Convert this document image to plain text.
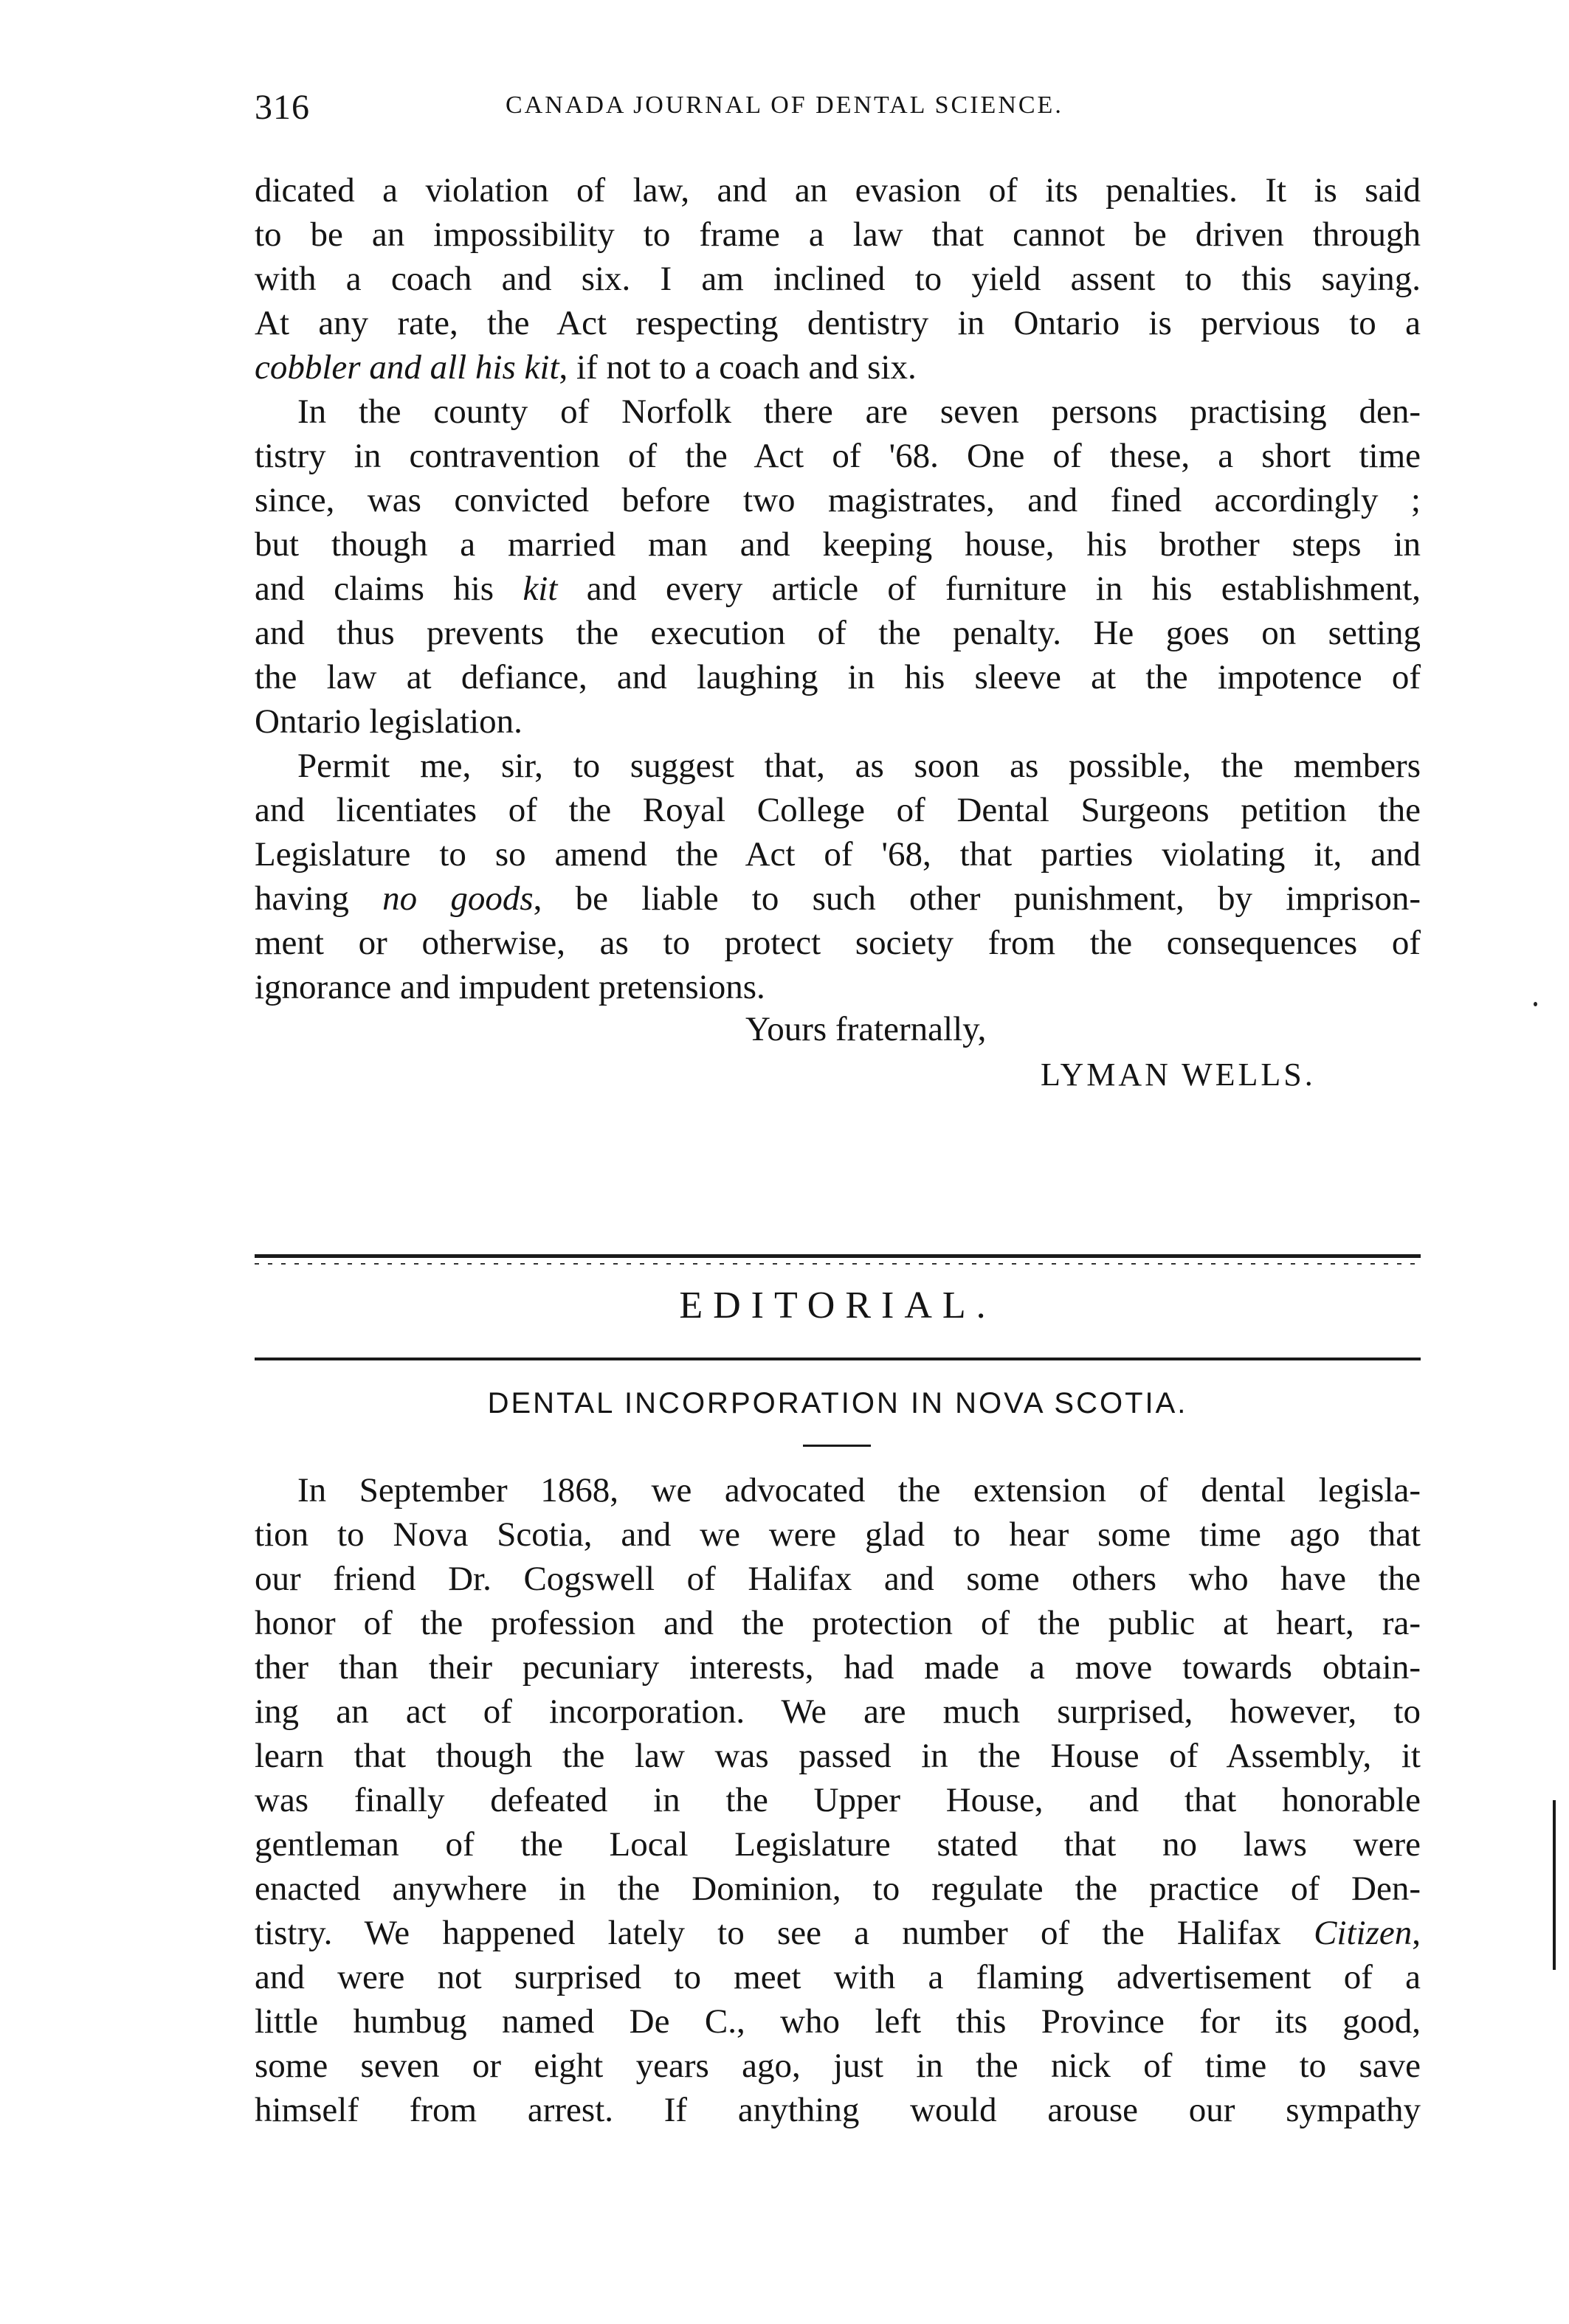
316	CANADA JOURNAL OF DENTAL SCIENCE.
dicated a violation of law, and an evasion of its penalties. It is said
to be an impossibility to frame a law that cannot be driven through
with a coach and six. I am inclined to yield assent to this saying.
At any rate, the Act respecting dentistry in Ontario is pervious to a
cobbler and all his kit, if not to a coach and six.
In the county of Norfolk there are seven persons practising den-
tistry in contravention of the Act of '68. One of these, a short time
since, was convicted before two magistrates, and fined accordingly ;
but though a married man and keeping house, his brother steps in
and claims his kit and every article of furniture in his establishment,
and thus prevents the execution of the penalty. He goes on setting
the law at defiance, and laughing in his sleeve at the impotence of
Ontario legislation.
Permit me, sir, to suggest that, as soon as possible, the members
and licentiates of the Royal College of Dental Surgeons petition the
Legislature to so amend the Act of '68, that parties violating it, and
having no goods, be liable to such other punishment, by imprison-
ment or otherwise, as to protect society from the consequences of
ignorance and impudent pretensions.
Yours fraternally,
LYMAN WELLS.
EDITORIAL.
DENTAL INCORPORATION IN NOVA SCOTIA.
In September 1868, we advocated the extension of dental legisla-
tion to Nova Scotia, and we were glad to hear some time ago that
our friend Dr. Cogswell of Halifax and some others who have the
honor of the profession and the protection of the public at heart, ra-
ther than their pecuniary interests, had made a move towards obtain-
ing an act of incorporation. We are much surprised, however, to
learn that though the law was passed in the House of Assembly, it
was finally defeated in the Upper House, and that honorable
gentleman of the Local Legislature stated that no laws were
enacted anywhere in the Dominion, to regulate the practice of Den-
tistry. We happened lately to see a number of the Halifax Citizen,
and were not surprised to meet with a flaming advertisement of a
little humbug named De C., who left this Province for its good,
some seven or eight years ago, just in the nick of time to save
himself from arrest. If anything would arouse our sympathy
